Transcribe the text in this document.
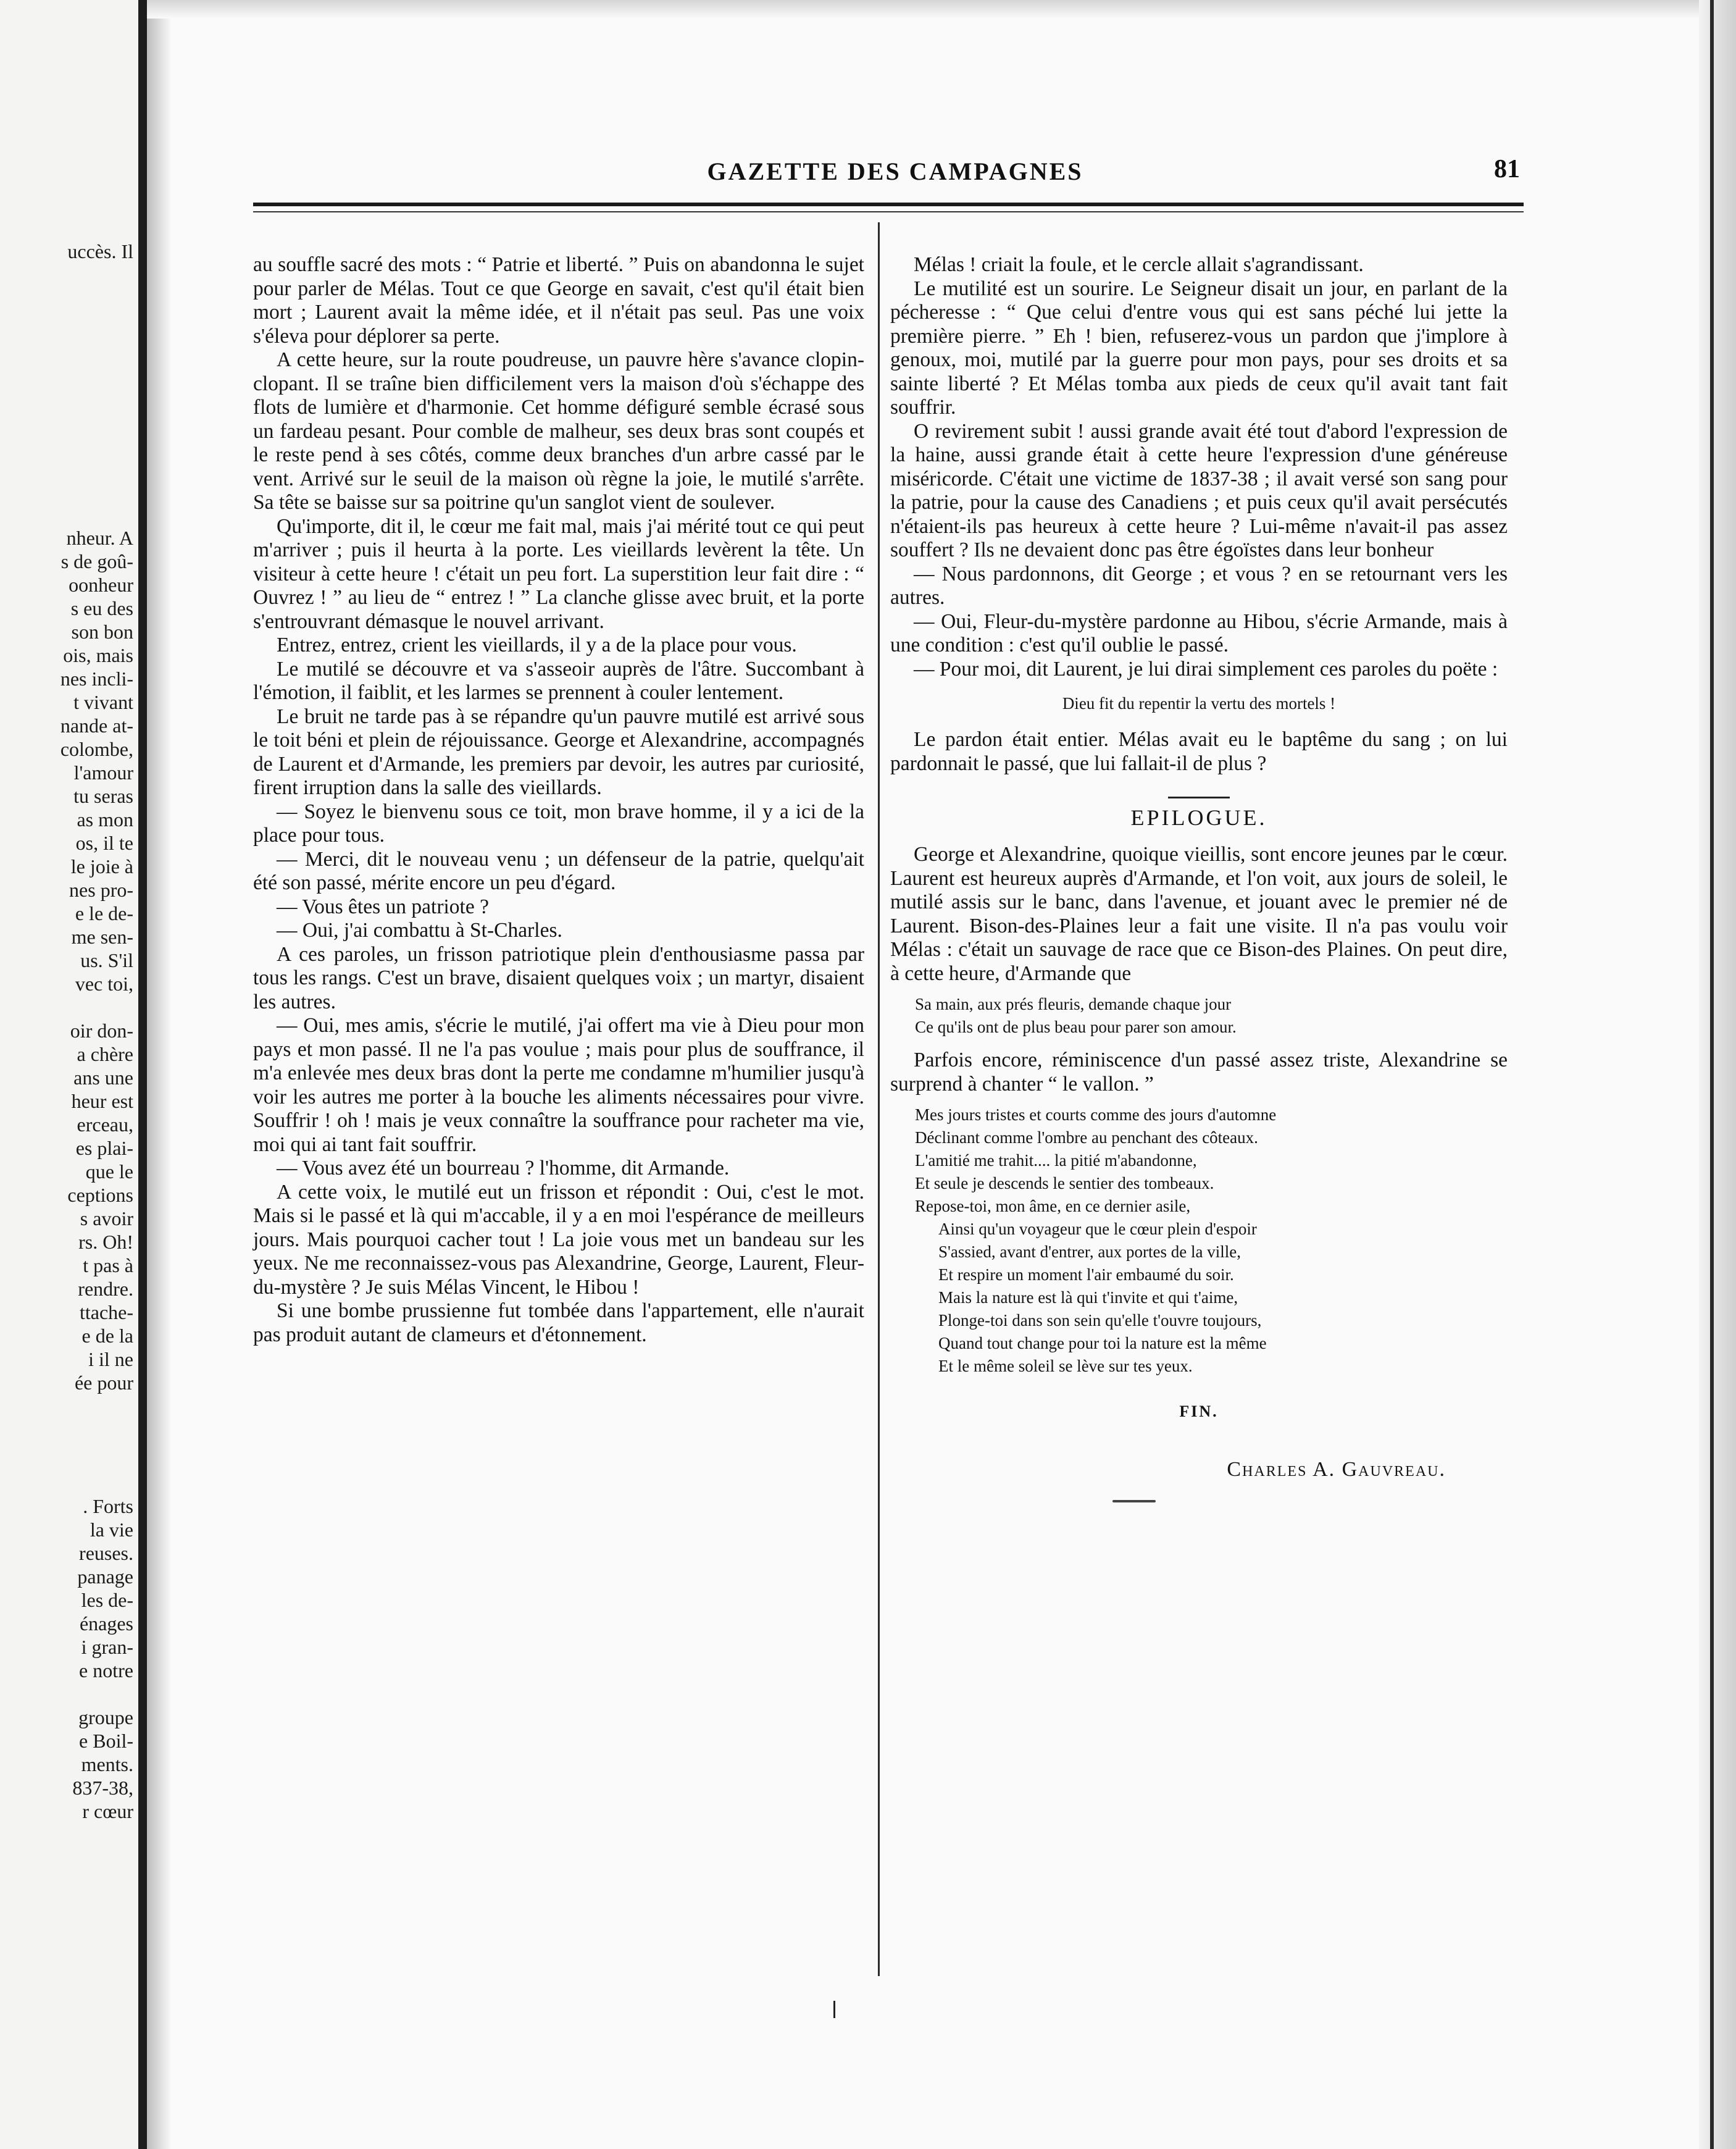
uccès. Il
nheur. A
s de goû-
oonheur
s eu des
son bon
ois, mais
nes incli-
t vivant
nande at-
colombe,
l'amour
tu seras
as mon
os, il te
le joie à
nes pro-
e le de-
me sen-
us. S'il
vec toi,
oir don-
a chère
ans une
heur est
erceau,
es plai-
que le
ceptions
s avoir
rs. Oh!
t pas à
rendre.
ttache-
e de la
i il ne
ée pour
. Forts
la vie
reuses.
panage
les de-
énages
i gran-
e notre
groupe
e Boil-
ments.
837-38,
r cœur
GAZETTE DES CAMPAGNES	81

au souffle sacré des mots : “ Patrie et liberté. ” Puis on abandonna le sujet pour parler de Mélas. Tout ce que George en savait, c'est qu'il était bien mort ; Laurent avait la même idée, et il n'était pas seul. Pas une voix s'éleva pour déplorer sa perte.

A cette heure, sur la route poudreuse, un pauvre hère s'avance clopin-clopant. Il se traîne bien difficilement vers la maison d'où s'échappe des flots de lumière et d'harmonie. Cet homme défiguré semble écrasé sous un fardeau pesant. Pour comble de malheur, ses deux bras sont coupés et le reste pend à ses côtés, comme deux branches d'un arbre cassé par le vent. Arrivé sur le seuil de la maison où règne la joie, le mutilé s'arrête. Sa tête se baisse sur sa poitrine qu'un sanglot vient de soulever.

Qu'importe, dit il, le cœur me fait mal, mais j'ai mérité tout ce qui peut m'arriver ; puis il heurta à la porte. Les vieillards levèrent la tête. Un visiteur à cette heure ! c'était un peu fort. La superstition leur fait dire : “ Ouvrez ! ” au lieu de “ entrez ! ” La clanche glisse avec bruit, et la porte s'entrouvrant démasque le nouvel arrivant.

Entrez, entrez, crient les vieillards, il y a de la place pour vous.

Le mutilé se découvre et va s'asseoir auprès de l'âtre. Succombant à l'émotion, il faiblit, et les larmes se prennent à couler lentement.

Le bruit ne tarde pas à se répandre qu'un pauvre mutilé est arrivé sous le toit béni et plein de réjouissance. George et Alexandrine, accompagnés de Laurent et d'Armande, les premiers par devoir, les autres par curiosité, firent irruption dans la salle des vieillards.

— Soyez le bienvenu sous ce toit, mon brave homme, il y a ici de la place pour tous.

— Merci, dit le nouveau venu ; un défenseur de la patrie, quelqu'ait été son passé, mérite encore un peu d'égard.

— Vous êtes un patriote ?

— Oui, j'ai combattu à St-Charles.

A ces paroles, un frisson patriotique plein d'enthousiasme passa par tous les rangs. C'est un brave, disaient quelques voix ; un martyr, disaient les autres.

— Oui, mes amis, s'écrie le mutilé, j'ai offert ma vie à Dieu pour mon pays et mon passé. Il ne l'a pas voulue ; mais pour plus de souffrance, il m'a enlevée mes deux bras dont la perte me condamne m'humilier jusqu'à voir les autres me porter à la bouche les aliments nécessaires pour vivre. Souffrir ! oh ! mais je veux connaître la souffrance pour racheter ma vie, moi qui ai tant fait souffrir.

— Vous avez été un bourreau ? l'homme, dit Armande.

A cette voix, le mutilé eut un frisson et répondit : Oui, c'est le mot. Mais si le passé et là qui m'accable, il y a en moi l'espérance de meilleurs jours. Mais pourquoi cacher tout ! La joie vous met un bandeau sur les yeux. Ne me reconnaissez-vous pas Alexandrine, George, Laurent, Fleur-du-mystère ? Je suis Mélas Vincent, le Hibou !

Si une bombe prussienne fut tombée dans l'appartement, elle n'aurait pas produit autant de clameurs et d'étonnement.

Mélas ! criait la foule, et le cercle allait s'agrandissant.

Le mutilité est un sourire. Le Seigneur disait un jour, en parlant de la pécheresse : “ Que celui d'entre vous qui est sans péché lui jette la première pierre. ” Eh ! bien, refuserez-vous un pardon que j'implore à genoux, moi, mutilé par la guerre pour mon pays, pour ses droits et sa sainte liberté ? Et Mélas tomba aux pieds de ceux qu'il avait tant fait souffrir.

O revirement subit ! aussi grande avait été tout d'abord l'expression de la haine, aussi grande était à cette heure l'expression d'une généreuse miséricorde. C'était une victime de 1837-38 ; il avait versé son sang pour la patrie, pour la cause des Canadiens ; et puis ceux qu'il avait persécutés n'étaient-ils pas heureux à cette heure ? Lui-même n'avait-il pas assez souffert ? Ils ne devaient donc pas être égoïstes dans leur bonheur

— Nous pardonnons, dit George ; et vous ? en se retournant vers les autres.

— Oui, Fleur-du-mystère pardonne au Hibou, s'écrie Armande, mais à une condition : c'est qu'il oublie le passé.

— Pour moi, dit Laurent, je lui dirai simplement ces paroles du poëte :

Dieu fit du repentir la vertu des mortels !

Le pardon était entier. Mélas avait eu le baptême du sang ; on lui pardonnait le passé, que lui fallait-il de plus ?

EPILOGUE.

George et Alexandrine, quoique vieillis, sont encore jeunes par le cœur. Laurent est heureux auprès d'Armande, et l'on voit, aux jours de soleil, le mutilé assis sur le banc, dans l'avenue, et jouant avec le premier né de Laurent. Bison-des-Plaines leur a fait une visite. Il n'a pas voulu voir Mélas : c'était un sauvage de race que ce Bison-des Plaines. On peut dire, à cette heure, d'Armande que

Sa main, aux prés fleuris, demande chaque jour
Ce qu'ils ont de plus beau pour parer son amour.

Parfois encore, réminiscence d'un passé assez triste, Alexandrine se surprend à chanter “ le vallon. ”

Mes jours tristes et courts comme des jours d'automne
Déclinant comme l'ombre au penchant des côteaux.
L'amitié me trahit.... la pitié m'abandonne,
Et seule je descends le sentier des tombeaux.
Repose-toi, mon âme, en ce dernier asile,
Ainsi qu'un voyageur que le cœur plein d'espoir
S'assied, avant d'entrer, aux portes de la ville,
Et respire un moment l'air embaumé du soir.
Mais la nature est là qui t'invite et qui t'aime,
Plonge-toi dans son sein qu'elle t'ouvre toujours,
Quand tout change pour toi la nature est la même
Et le même soleil se lève sur tes yeux.
FIN.
Charles A. Gauvreau.
